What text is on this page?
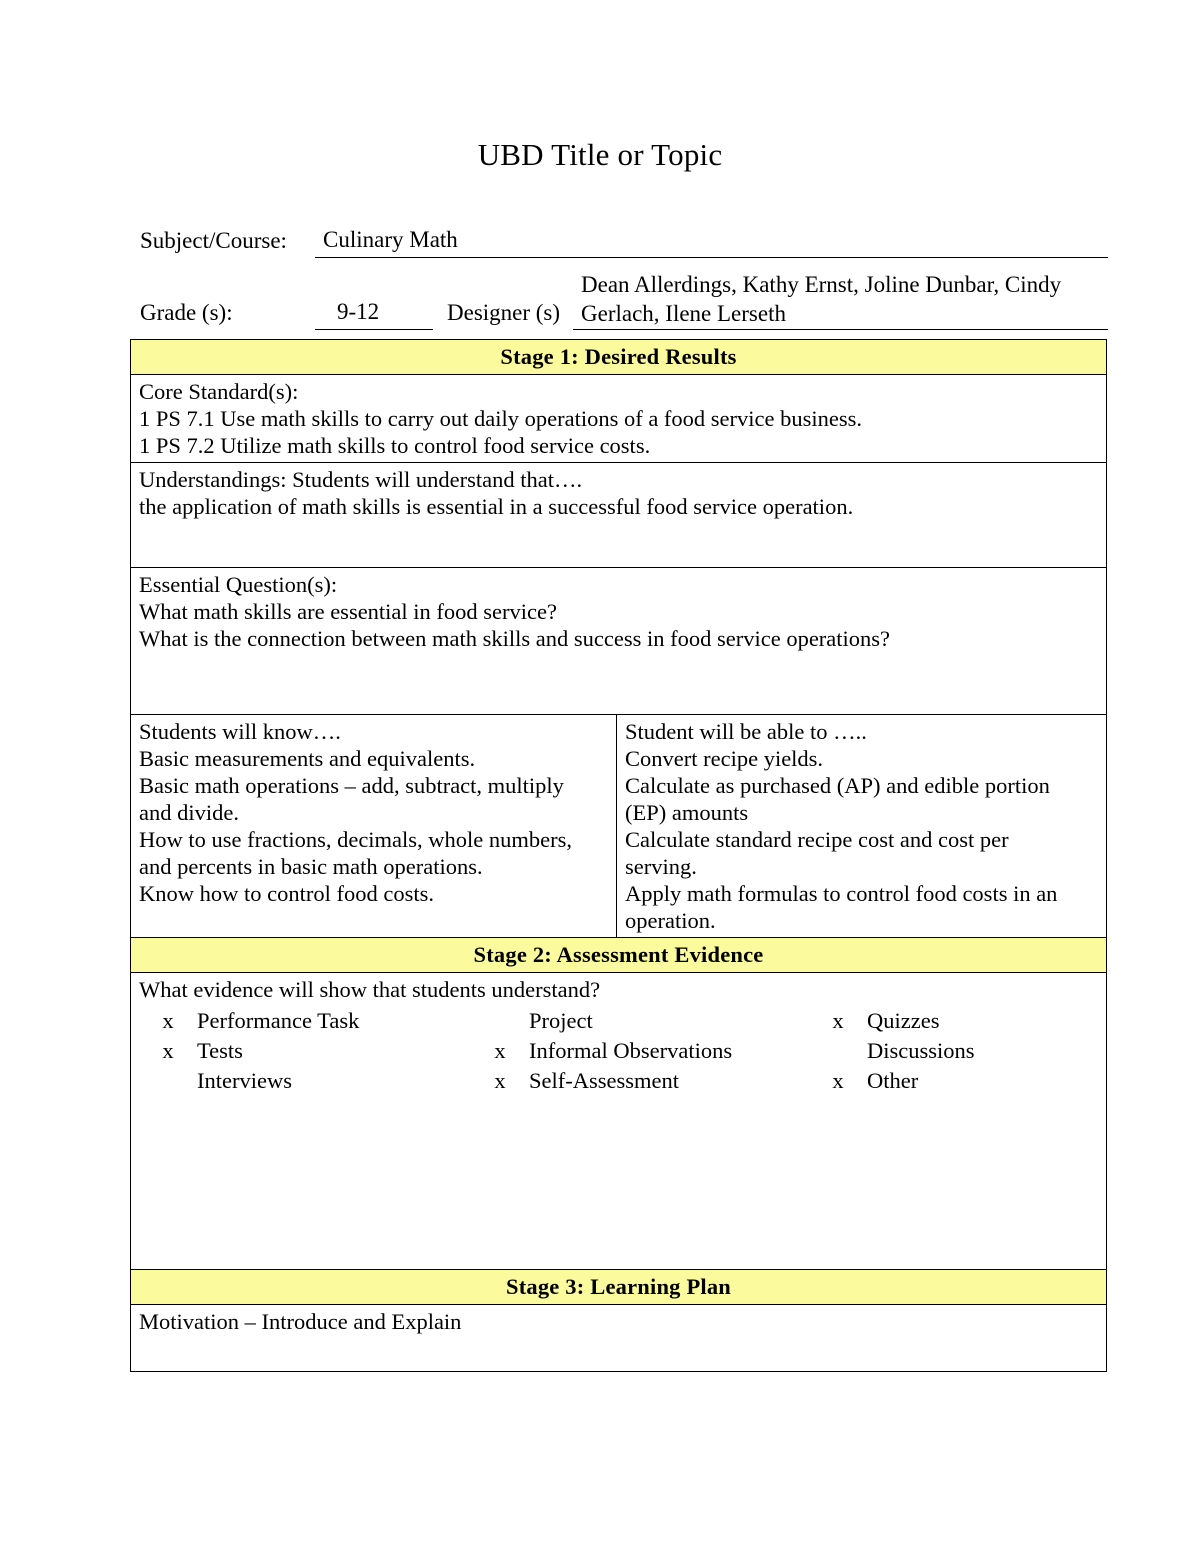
UBD Title or Topic
Subject/Course:	Culinary Math
Grade (s):	9-12	Designer (s)
Dean Allerdings, Kathy Ernst, Joline Dunbar, Cindy Gerlach, Ilene Lerseth
Stage 1: Desired Results

Core Standard(s):
1 PS 7.1 Use math skills to carry out daily operations of a food service business.
1 PS 7.2 Utilize math skills to control food service costs.

Understandings: Students will understand that….
the application of math skills is essential in a successful food service operation.

Essential Question(s):
What math skills are essential in food service?
What is the connection between math skills and success in food service operations?

Students will know….
Basic measurements and equivalents.
Basic math operations – add, subtract, multiply
and divide.
How to use fractions, decimals, whole numbers,
and percents in basic math operations.
Know how to control food costs.

Student will be able to …..
Convert recipe yields.
Calculate as purchased (AP) and edible portion
(EP) amounts
Calculate standard recipe cost and cost per
serving.
Apply math formulas to control food costs in an
operation.

Stage 2: Assessment Evidence

What evidence will show that students understand?
x	Performance Task		Project	x	Quizzes
x	Tests	x	Informal Observations		Discussions
	Interviews	x	Self-Assessment	x	Other

Stage 3: Learning Plan
Motivation – Introduce and Explain
